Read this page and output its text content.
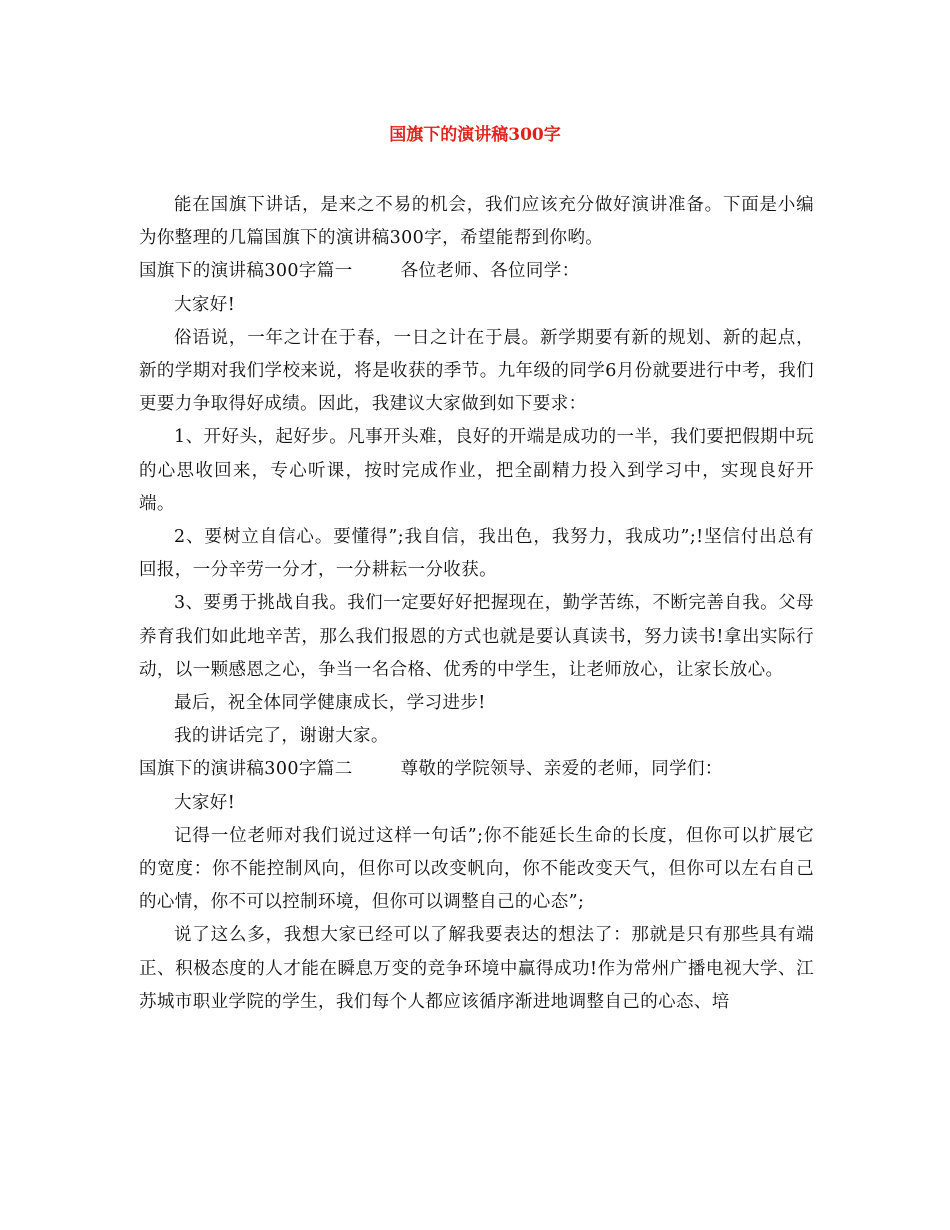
国旗下的演讲稿300字

能在国旗下讲话，是来之不易的机会，我们应该充分做好演讲准备。下面是小编为你整理的几篇国旗下的演讲稿300字，希望能帮到你哟。

国旗下的演讲稿300字篇一	各位老师、各位同学：

大家好!

俗语说，一年之计在于春，一日之计在于晨。新学期要有新的规划、新的起点，新的学期对我们学校来说，将是收获的季节。九年级的同学6月份就要进行中考，我们更要力争取得好成绩。因此，我建议大家做到如下要求：

1、开好头，起好步。凡事开头难，良好的开端是成功的一半，我们要把假期中玩的心思收回来，专心听课，按时完成作业，把全副精力投入到学习中，实现良好开端。

2、要树立自信心。要懂得”;我自信，我出色，我努力，我成功”;!坚信付出总有回报，一分辛劳一分才，一分耕耘一分收获。

3、要勇于挑战自我。我们一定要好好把握现在，勤学苦练，不断完善自我。父母养育我们如此地辛苦，那么我们报恩的方式也就是要认真读书，努力读书!拿出实际行动，以一颗感恩之心，争当一名合格、优秀的中学生，让老师放心，让家长放心。

最后，祝全体同学健康成长，学习进步!

我的讲话完了，谢谢大家。

国旗下的演讲稿300字篇二	尊敬的学院领导、亲爱的老师，同学们：

大家好!

记得一位老师对我们说过这样一句话”;你不能延长生命的长度，但你可以扩展它的宽度：你不能控制风向，但你可以改变帆向，你不能改变天气，但你可以左右自己的心情，你不可以控制环境，但你可以调整自己的心态”;

说了这么多，我想大家已经可以了解我要表达的想法了：那就是只有那些具有端正、积极态度的人才能在瞬息万变的竞争环境中赢得成功!作为常州广播电视大学、江苏城市职业学院的学生，我们每个人都应该循序渐进地调整自己的心态、培
